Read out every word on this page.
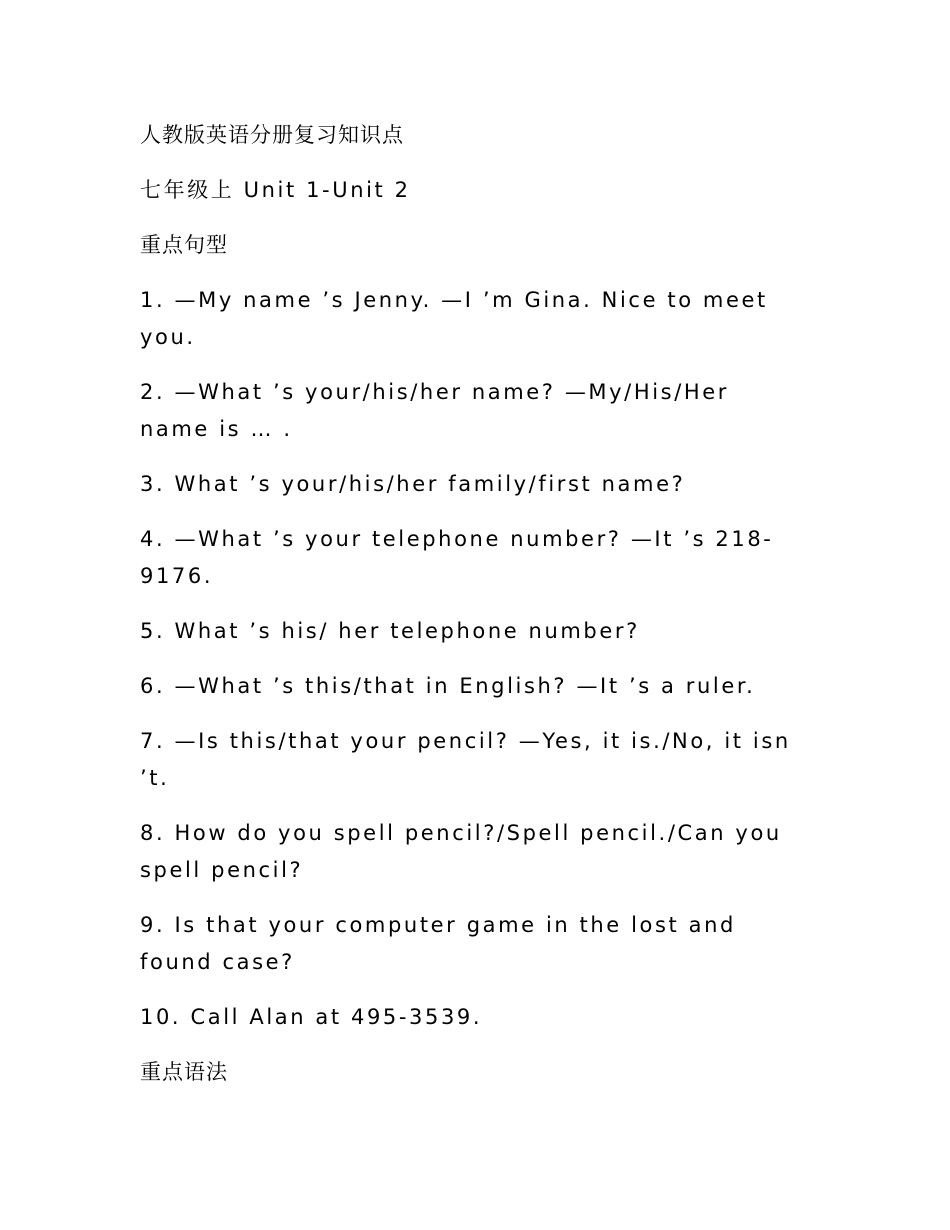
人教版英语分册复习知识点

七年级上 Unit 1-Unit 2

重点句型

1. —My name ’s Jenny. —I ’m Gina. Nice to meet you.

2. —What ’s your/his/her name? —My/His/Her name is … .

3. What ’s your/his/her family/first name?

4. —What ’s your telephone number? —It ’s 218-9176.

5. What ’s his/ her telephone number?

6. —What ’s this/that in English? —It ’s a ruler.

7. —Is this/that your pencil? —Yes, it is./No, it isn ’t.

8. How do you spell pencil?/Spell pencil./Can you spell pencil?

9. Is that your computer game in the lost and found case?

10. Call Alan at 495-3539.

重点语法
